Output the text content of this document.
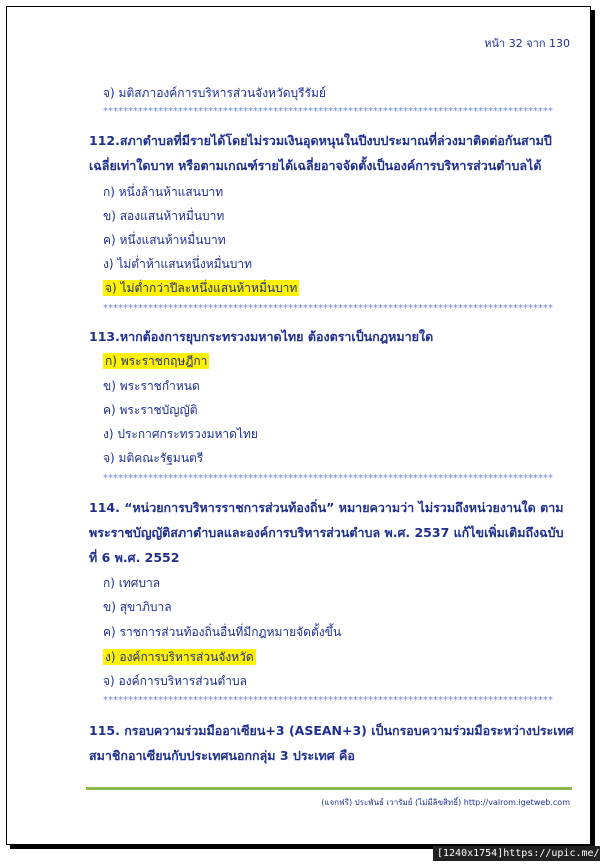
หน้า 32 จาก 130
จ) มติสภาองค์การบริหารส่วนจังหวัดบุรีรัมย์
******************************************************************************************
112.สภาตำบลที่มีรายได้โดยไม่รวมเงินอุดหนุนในปีงบประมาณที่ล่วงมาติดต่อกันสามปี
เฉลี่ยเท่าใดบาท หรือตามเกณฑ์รายได้เฉลี่ยอาจจัดตั้งเป็นองค์การบริหารส่วนตำบลได้
ก) หนึ่งล้านห้าแสนบาท
ข) สองแสนห้าหมื่นบาท
ค) หนึ่งแสนห้าหมื่นบาท
ง) ไม่ต่ำห้าแสนหนึ่งหมื่นบาท
จ) ไม่ต่ำกว่าปีละหนึ่งแสนห้าหมื่นบาท
******************************************************************************************
113.หากต้องการยุบกระทรวงมหาดไทย ต้องตราเป็นกฎหมายใด
ก) พระราชกฤษฎีกา
ข) พระราชกำหนด
ค) พระราชบัญญัติ
ง) ประกาศกระทรวงมหาดไทย
จ) มติคณะรัฐมนตรี
******************************************************************************************
114. “หน่วยการบริหารราชการส่วนท้องถิ่น” หมายความว่า ไม่รวมถึงหน่วยงานใด ตาม
พระราชบัญญัติสภาตำบลและองค์การบริหารส่วนตำบล พ.ศ. 2537 แก้ไขเพิ่มเติมถึงฉบับ
ที่ 6 พ.ศ. 2552
ก) เทศบาล
ข) สุขาภิบาล
ค) ราชการส่วนท้องถิ่นอื่นที่มีกฎหมายจัดตั้งขึ้น
ง) องค์การบริหารส่วนจังหวัด
จ) องค์การบริหารส่วนตำบล
******************************************************************************************
115. กรอบความร่วมมืออาเซียน+3 (ASEAN+3) เป็นกรอบความร่วมมือระหว่างประเทศ
สมาชิกอาเซียนกับประเทศนอกกลุ่ม 3 ประเทศ คือ
(แจกฟรี) ประพันธ์ เวารัมย์ (ไม่มีลิขสิทธิ์) http://valrom.igetweb.com
[1240x1754]https://upic.me/
